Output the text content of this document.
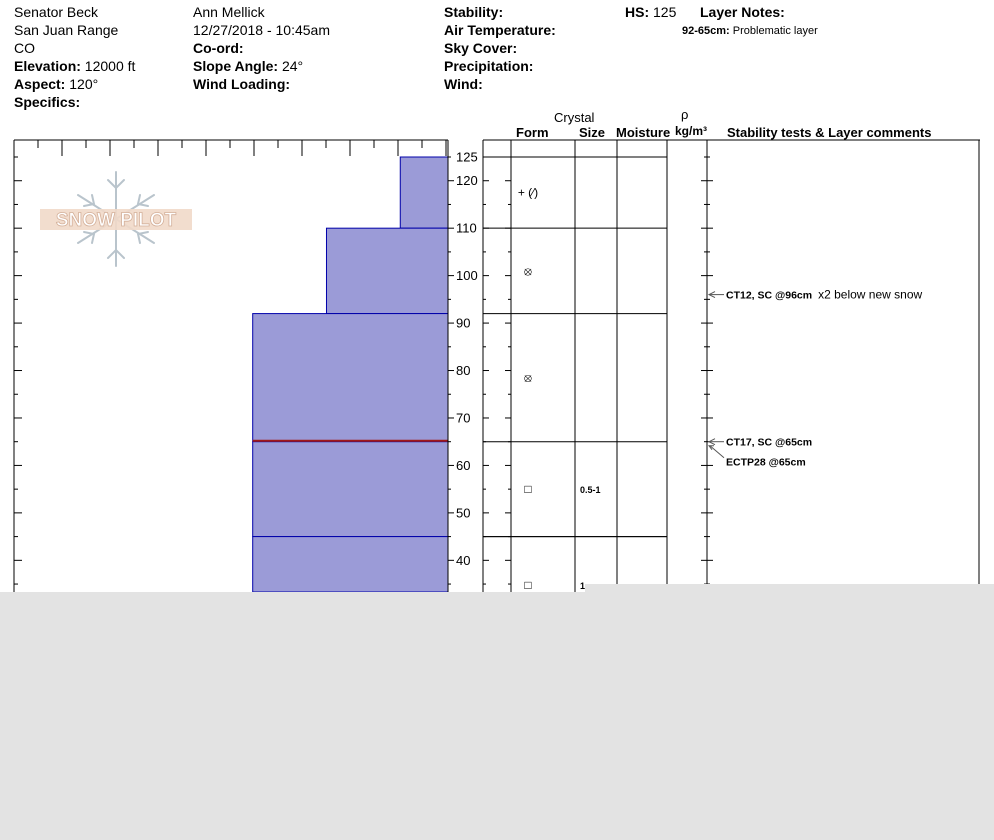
Senator Beck
San Juan Range
CO
Elevation: 12000 ft
Aspect: 120°
Specifics:
Ann Mellick
12/27/2018 - 10:45am
Co-ord:
Slope Angle: 24°
Wind Loading:
Stability:
Air Temperature:
Sky Cover:
Precipitation:
Wind:
HS: 125 Layer Notes:
92-65cm: Problematic layer
Crystal
Form Size Moisture
ρ
kg/m³ Stability tests & Layer comments
SNOW PILOT
125
120
110
100
90
80
70
60
50
40
+ (⁄)
⦻
⦻
□	0.5-1
□	1
CT12, SC @96cm x2 below new snow
CT17, SC @65cm
ECTP28 @65cm
